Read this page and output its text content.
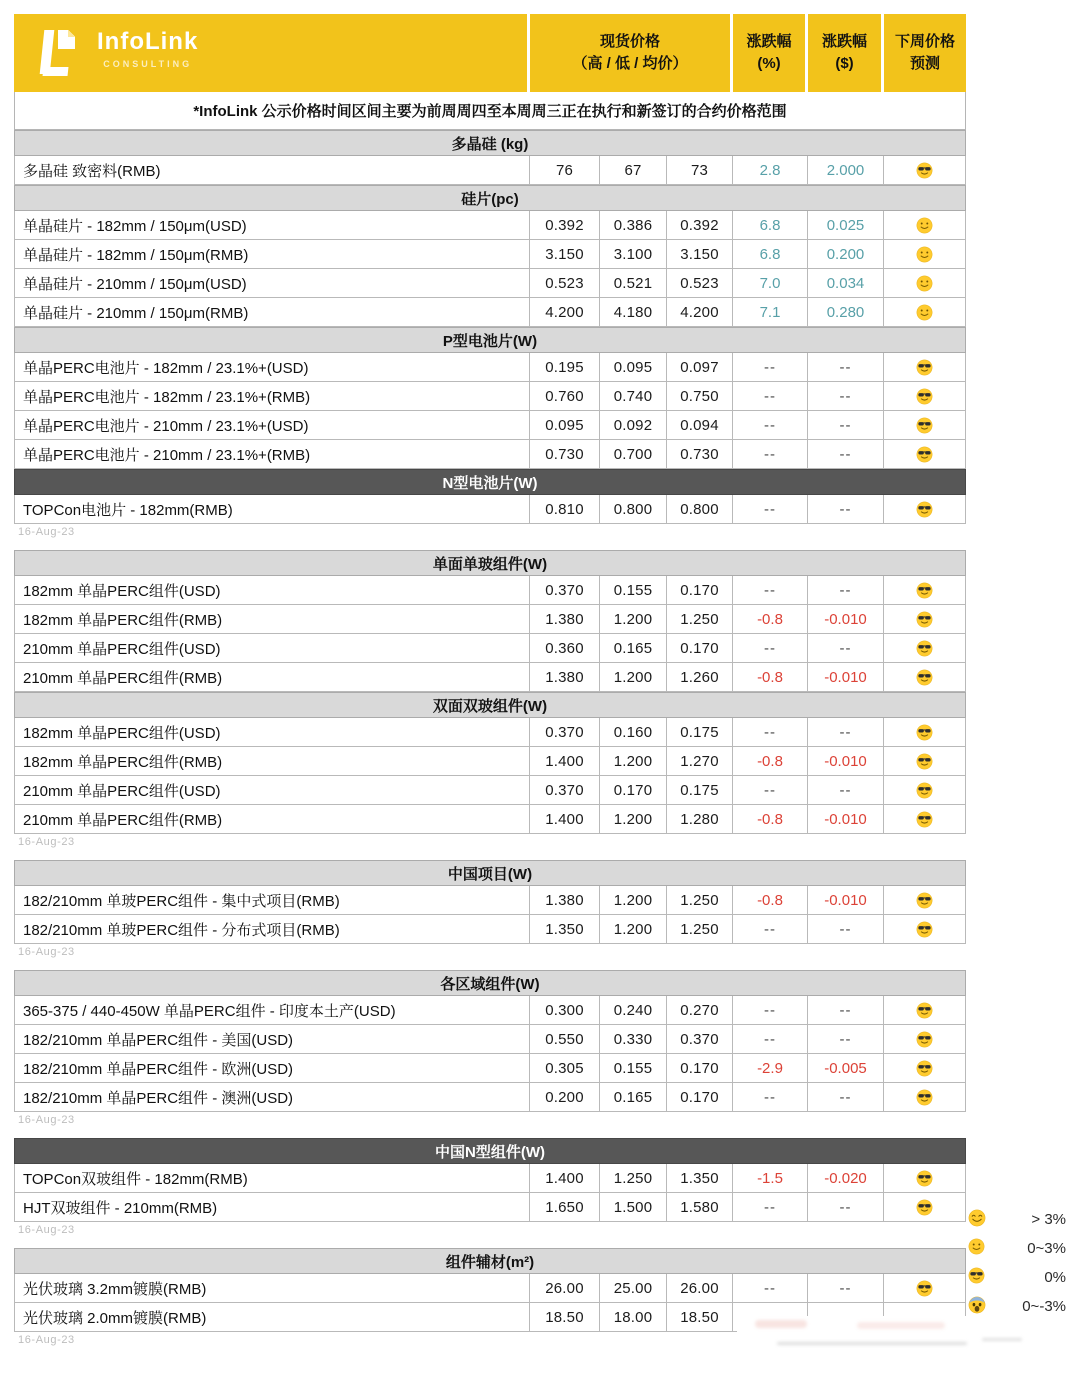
InfoLink
CONSULTING
现货价格
（高 / 低 / 均价）
涨跌幅
(%)
涨跌幅
($)
下周价格
预测
*InfoLink 公示价格时间区间主要为前周周四至本周周三正在执行和新签订的合约价格范围
多晶硅 (kg)
多晶硅 致密料(RMB)	76	67	73	2.8	2.000
硅片(pc)
单晶硅片 - 182mm / 150μm(USD)	0.392	0.386	0.392	6.8	0.025
单晶硅片 - 182mm / 150μm(RMB)	3.150	3.100	3.150	6.8	0.200
单晶硅片 - 210mm / 150μm(USD)	0.523	0.521	0.523	7.0	0.034
单晶硅片 - 210mm / 150μm(RMB)	4.200	4.180	4.200	7.1	0.280
P型电池片(W)
单晶PERC电池片 - 182mm / 23.1%+(USD)	0.195	0.095	0.097	--	--
单晶PERC电池片 - 182mm / 23.1%+(RMB)	0.760	0.740	0.750	--	--
单晶PERC电池片 - 210mm / 23.1%+(USD)	0.095	0.092	0.094	--	--
单晶PERC电池片 - 210mm / 23.1%+(RMB)	0.730	0.700	0.730	--	--
N型电池片(W)
TOPCon电池片 - 182mm(RMB)	0.810	0.800	0.800	--	--
16-Aug-23
单面单玻组件(W)
182mm 单晶PERC组件(USD)	0.370	0.155	0.170	--	--
182mm 单晶PERC组件(RMB)	1.380	1.200	1.250	-0.8	-0.010
210mm 单晶PERC组件(USD)	0.360	0.165	0.170	--	--
210mm 单晶PERC组件(RMB)	1.380	1.200	1.260	-0.8	-0.010
双面双玻组件(W)
182mm 单晶PERC组件(USD)	0.370	0.160	0.175	--	--
182mm 单晶PERC组件(RMB)	1.400	1.200	1.270	-0.8	-0.010
210mm 单晶PERC组件(USD)	0.370	0.170	0.175	--	--
210mm 单晶PERC组件(RMB)	1.400	1.200	1.280	-0.8	-0.010
16-Aug-23
中国项目(W)
182/210mm 单玻PERC组件 - 集中式项目(RMB)	1.380	1.200	1.250	-0.8	-0.010
182/210mm 单玻PERC组件 - 分布式项目(RMB)	1.350	1.200	1.250	--	--
16-Aug-23
各区域组件(W)
365-375 / 440-450W 单晶PERC组件 - 印度本土产(USD)	0.300	0.240	0.270	--	--
182/210mm 单晶PERC组件 - 美国(USD)	0.550	0.330	0.370	--	--
182/210mm 单晶PERC组件 - 欧洲(USD)	0.305	0.155	0.170	-2.9	-0.005
182/210mm 单晶PERC组件 - 澳洲(USD)	0.200	0.165	0.170	--	--
16-Aug-23
中国N型组件(W)
TOPCon双玻组件 - 182mm(RMB)	1.400	1.250	1.350	-1.5	-0.020
HJT双玻组件 - 210mm(RMB)	1.650	1.500	1.580	--	--
16-Aug-23
组件辅材(m²)
光伏玻璃 3.2mm镀膜(RMB)	26.00	25.00	26.00	--	--
光伏玻璃 2.0mm镀膜(RMB)	18.50	18.00	18.50
16-Aug-23
> 3%
0~3%
0%
0~-3%
